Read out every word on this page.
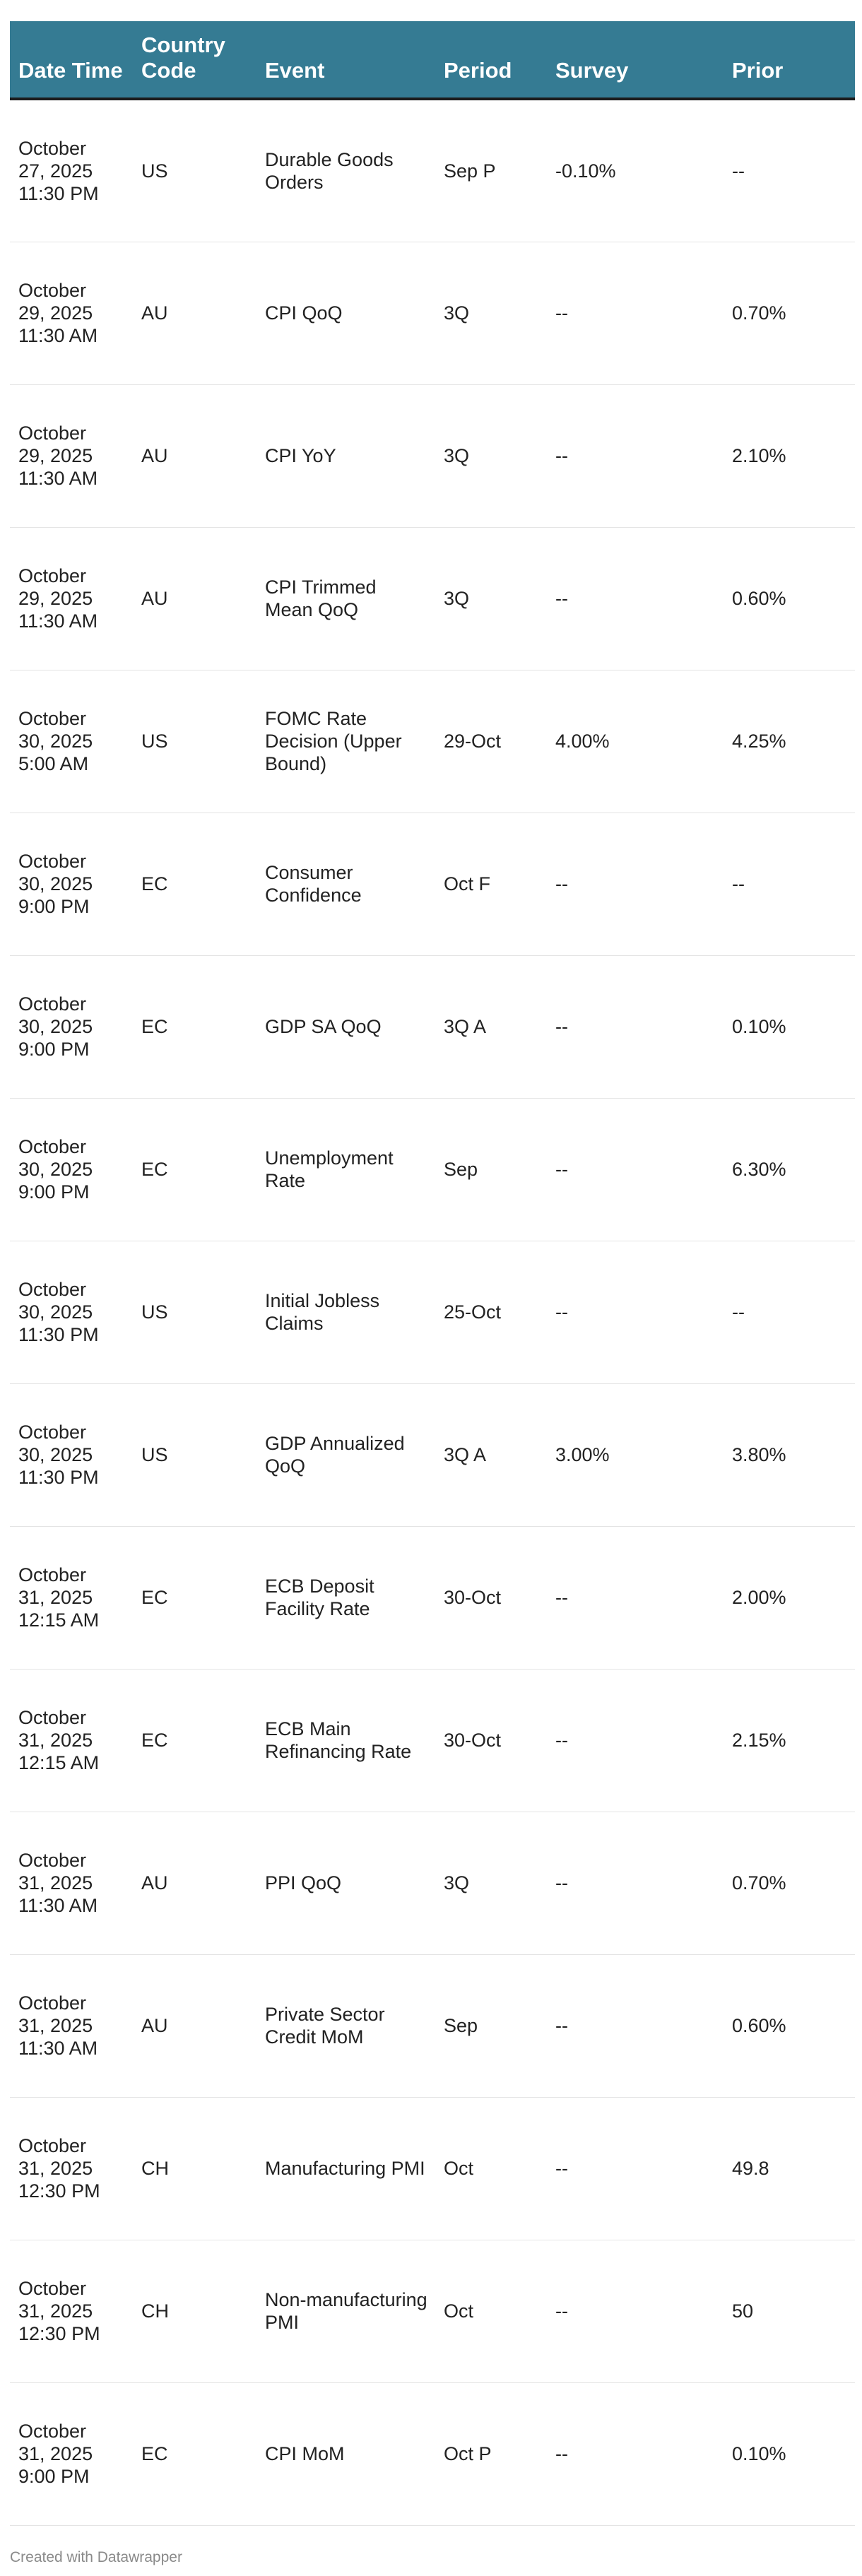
Date Time	Country Code	Event	Period	Survey	Prior
October 27, 2025 11:30 PM	US	Durable Goods Orders	Sep P	-0.10%	--
October 29, 2025 11:30 AM	AU	CPI QoQ	3Q	--	0.70%
October 29, 2025 11:30 AM	AU	CPI YoY	3Q	--	2.10%
October 29, 2025 11:30 AM	AU	CPI Trimmed Mean QoQ	3Q	--	0.60%
October 30, 2025 5:00 AM	US	FOMC Rate Decision (Upper Bound)	29-Oct	4.00%	4.25%
October 30, 2025 9:00 PM	EC	Consumer Confidence	Oct F	--	--
October 30, 2025 9:00 PM	EC	GDP SA QoQ	3Q A	--	0.10%
October 30, 2025 9:00 PM	EC	Unemployment Rate	Sep	--	6.30%
October 30, 2025 11:30 PM	US	Initial Jobless Claims	25-Oct	--	--
October 30, 2025 11:30 PM	US	GDP Annualized QoQ	3Q A	3.00%	3.80%
October 31, 2025 12:15 AM	EC	ECB Deposit Facility Rate	30-Oct	--	2.00%
October 31, 2025 12:15 AM	EC	ECB Main Refinancing Rate	30-Oct	--	2.15%
October 31, 2025 11:30 AM	AU	PPI QoQ	3Q	--	0.70%
October 31, 2025 11:30 AM	AU	Private Sector Credit MoM	Sep	--	0.60%
October 31, 2025 12:30 PM	CH	Manufacturing PMI	Oct	--	49.8
October 31, 2025 12:30 PM	CH	Non-manufacturing PMI	Oct	--	50
October 31, 2025 9:00 PM	EC	CPI MoM	Oct P	--	0.10%
Created with Datawrapper
